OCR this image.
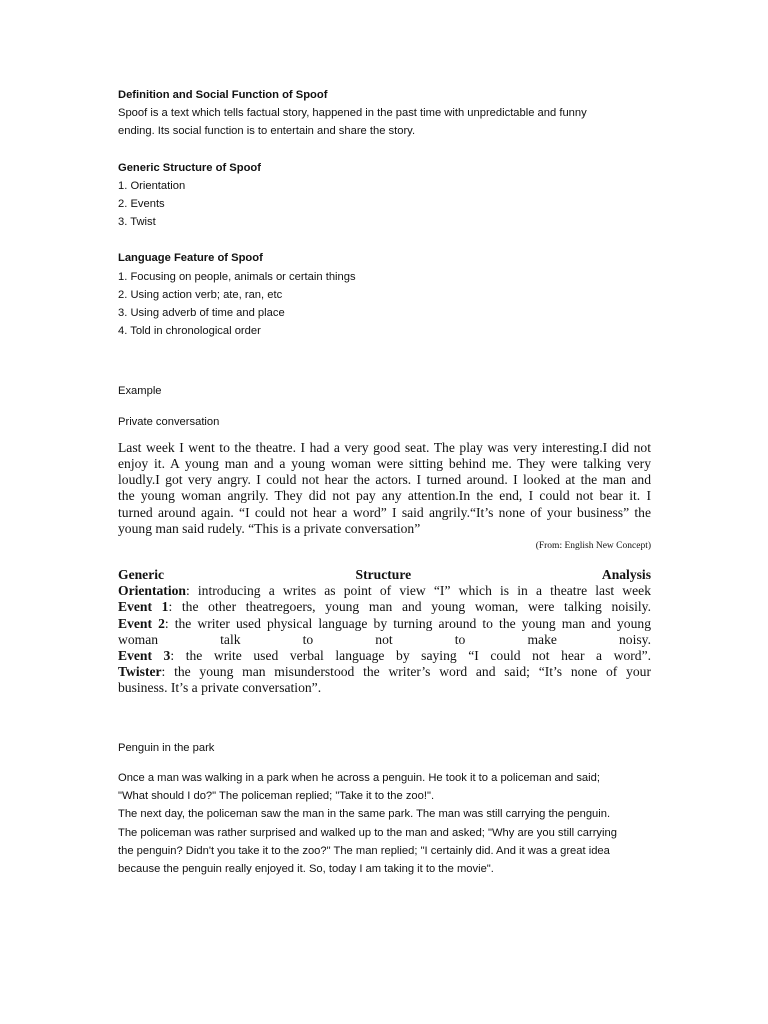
Definition and Social Function of Spoof

Spoof is a text which tells factual story, happened in the past time with unpredictable and funny

ending. Its social function is to entertain and share the story.

Generic Structure of Spoof

1. Orientation

2. Events

3. Twist

Language Feature of Spoof

1. Focusing on people, animals or certain things

2. Using action verb; ate, ran, etc

3. Using adverb of time and place

4. Told in chronological order

Example
Private conversation

Last week I went to the theatre. I had a very good seat. The play was very interesting.I did not

enjoy it. A young man and a young woman were sitting behind me. They were talking very

loudly.I got very angry. I could not hear the actors. I turned around. I looked at the man and

the young woman angrily. They did not pay any attention.In the end, I could not bear it. I

turned around again. “I could not hear a word” I said angrily.“It’s none of your business” the

young man said rudely. “This is a private conversation”

(From: English New Concept)

Generic Structure Analysis

Orientation: introducing a writes as point of view “I” which is in a theatre last week

Event 1: the other theatregoers, young man and young woman, were talking noisily.

Event 2: the writer used physical language by turning around to the young man and young

woman talk to not to make noisy.

Event 3: the write used verbal language by saying “I could not hear a word”.

Twister: the young man misunderstood the writer’s word and said; “It’s none of your

business. It’s a private conversation”.

Penguin in the park

Once a man was walking in a park when he across a penguin. He took it to a policeman and said;

"What should I do?" The policeman replied; "Take it to the zoo!".

The next day, the policeman saw the man in the same park. The man was still carrying the penguin.

The policeman was rather surprised and walked up to the man and asked; "Why are you still carrying

the penguin? Didn't you take it to the zoo?" The man replied; "I certainly did. And it was a great idea

because the penguin really enjoyed it. So, today I am taking it to the movie".
